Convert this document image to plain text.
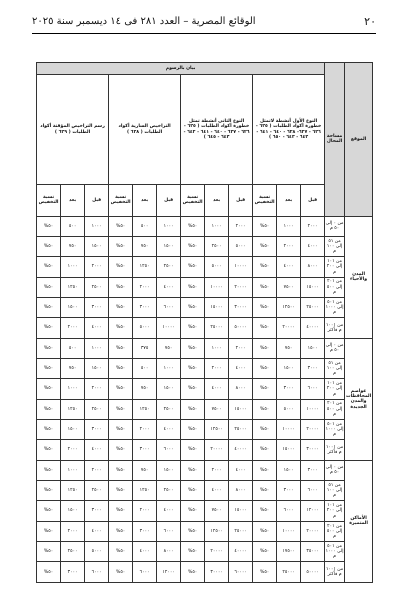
٢٠
الوقائع المصرية – العدد ٢٨١ فى ١٤ ديسمبر سنة ٢٠٢٥
الموقع	مساحة المحال	بيان بالرسوم											
		النوع الأول أنشطة لاتمثل خطورة أكواد الطلبات ( ٦٢٥ - ٦٢٦ - ٦٢٧- ٦٢٨ - ٦٤٠ - ٦٤١ - ٦٤٢ - ٦٤٣ - ٦٥٠ )			النوع الثانى أنشطة تمثل خطورة أكواد الطلبات ( ٦٢٥ - ٦٢٦ - ٦٢٧ - ٦٤٠ - ٦٤١ - ٦٤٢ - ٦٤٣ - ٦٤٥ )			التراخيص السارية أكواد الطلبات ( ٦٢٨ )			رسم التراخيص المؤقتة أكواد الطلبات ( ٦٢٩ )		
		قبل	بعد	نسبة التخفيض	قبل	بعد	نسبة التخفيض	قبل	بعد	نسبة التخفيض	قبل	بعد	نسبة التخفيض
المدن والأحياء	من ٠ إلى ٥٠ م	٢٠٠٠	١٠٠٠	٥٠%	٢٠٠٠	١٠٠٠	٥٠%	١٠٠٠	٥٠٠	٥٠%	١٠٠٠	٥٠٠	٥٠%
	من ٥١ إلى ١٠٠ م	٤٠٠٠	٢٠٠٠	٥٠%	٥٠٠٠	٢٥٠٠	٥٠%	١٥٠٠	٧٥٠	٥٠%	١٥٠٠	٧٥٠	٥٠%
	من ١٠١ إلى ٢٠٠ م	٨٠٠٠	٤٠٠٠	٥٠%	١٠٠٠٠	٥٠٠٠	٥٠%	٢٥٠٠	١٢٥٠	٥٠%	٢٠٠٠	١٠٠٠	٥٠%
	من ٢٠١ إلى ٥٠٠ م	١٥٠٠٠	٧٥٠٠	٥٠%	٢٠٠٠٠	١٠٠٠٠	٥٠%	٤٠٠٠	٢٠٠٠	٥٠%	٢٥٠٠	١٢٥٠	٥٠%
	من ٥٠١ إلى ١٠٠٠ م	٢٥٠٠٠	١٢٥٠٠	٥٠%	٣٠٠٠٠	١٥٠٠٠	٥٠%	٦٠٠٠	٣٠٠٠	٥٠%	٣٠٠٠	١٥٠٠	٥٠%
	من ١٠٠١ م فأكثر	٤٠٠٠٠	٢٠٠٠٠	٥٠%	٥٠٠٠٠	٢٥٠٠٠	٥٠%	١٠٠٠٠	٥٠٠٠	٥٠%	٤٠٠٠	٢٠٠٠	٥٠%
عواصم المحافظات والمدن الجديدة	من ٠ إلى ٥٠ م	١٥٠٠	٧٥٠	٥٠%	٢٠٠٠	١٠٠٠	٥٠%	٧٥٠	٣٧٥	٥٠%	١٠٠٠	٥٠٠	٥٠%
	من ٥١ إلى ١٠٠ م	٣٠٠٠	١٥٠٠	٥٠%	٤٠٠٠	٢٠٠٠	٥٠%	١٠٠٠	٥٠٠	٥٠%	١٥٠٠	٧٥٠	٥٠%
	من ١٠١ إلى ٢٠٠ م	٦٠٠٠	٣٠٠٠	٥٠%	٨٠٠٠	٤٠٠٠	٥٠%	١٥٠٠	٧٥٠	٥٠%	٢٠٠٠	١٠٠٠	٥٠%
	من ٢٠١ إلى ٥٠٠ م	١٠٠٠٠	٥٠٠٠	٥٠%	١٥٠٠٠	٧٥٠٠	٥٠%	٢٥٠٠	١٢٥٠	٥٠%	٢٥٠٠	١٢٥٠	٥٠%
	من ٥٠١ إلى ١٠٠٠ م	٢٠٠٠٠	١٠٠٠٠	٥٠%	٢٥٠٠٠	١٢٥٠٠	٥٠%	٤٠٠٠	٢٠٠٠	٥٠%	٣٠٠٠	١٥٠٠	٥٠%
	من ١٠٠١ م فأكثر	٣٠٠٠٠	١٥٠٠٠	٥٠%	٤٠٠٠٠	٢٠٠٠٠	٥٠%	٦٠٠٠	٣٠٠٠	٥٠%	٤٠٠٠	٢٠٠٠	٥٠%
الأماكن المتميزة	من ٠ إلى ٥٠ م	٣٠٠٠	١٥٠٠	٥٠%	٤٠٠٠	٢٠٠٠	٥٠%	١٥٠٠	٧٥٠	٥٠%	٢٠٠٠	١٠٠٠	٥٠%
	من ٥١ إلى ١٠٠ م	٦٠٠٠	٣٠٠٠	٥٠%	٨٠٠٠	٤٠٠٠	٥٠%	٢٥٠٠	١٢٥٠	٥٠%	٢٥٠٠	١٢٥٠	٥٠%
	من ١٠١ إلى ٢٠٠ م	١٢٠٠٠	٦٠٠٠	٥٠%	١٥٠٠٠	٧٥٠٠	٥٠%	٤٠٠٠	٢٠٠٠	٥٠%	٣٠٠٠	١٥٠٠	٥٠%
	من ٢٠١ إلى ٥٠٠ م	٢٠٠٠٠	١٠٠٠٠	٥٠%	٢٥٠٠٠	١٢٥٠٠	٥٠%	٦٠٠٠	٣٠٠٠	٥٠%	٤٠٠٠	٢٠٠٠	٥٠%
	من ٥٠١ إلى ١٠٠٠ م	٣٥٠٠٠	١٧٥٠٠	٥٠%	٤٠٠٠٠	٢٠٠٠٠	٥٠%	٨٠٠٠	٤٠٠٠	٥٠%	٥٠٠٠	٢٥٠٠	٥٠%
	من ١٠٠١ م فأكثر	٥٠٠٠٠	٢٥٠٠٠	٥٠%	٦٠٠٠٠	٣٠٠٠٠	٥٠%	١٢٠٠٠	٦٠٠٠	٥٠%	٦٠٠٠	٣٠٠٠	٥٠%
